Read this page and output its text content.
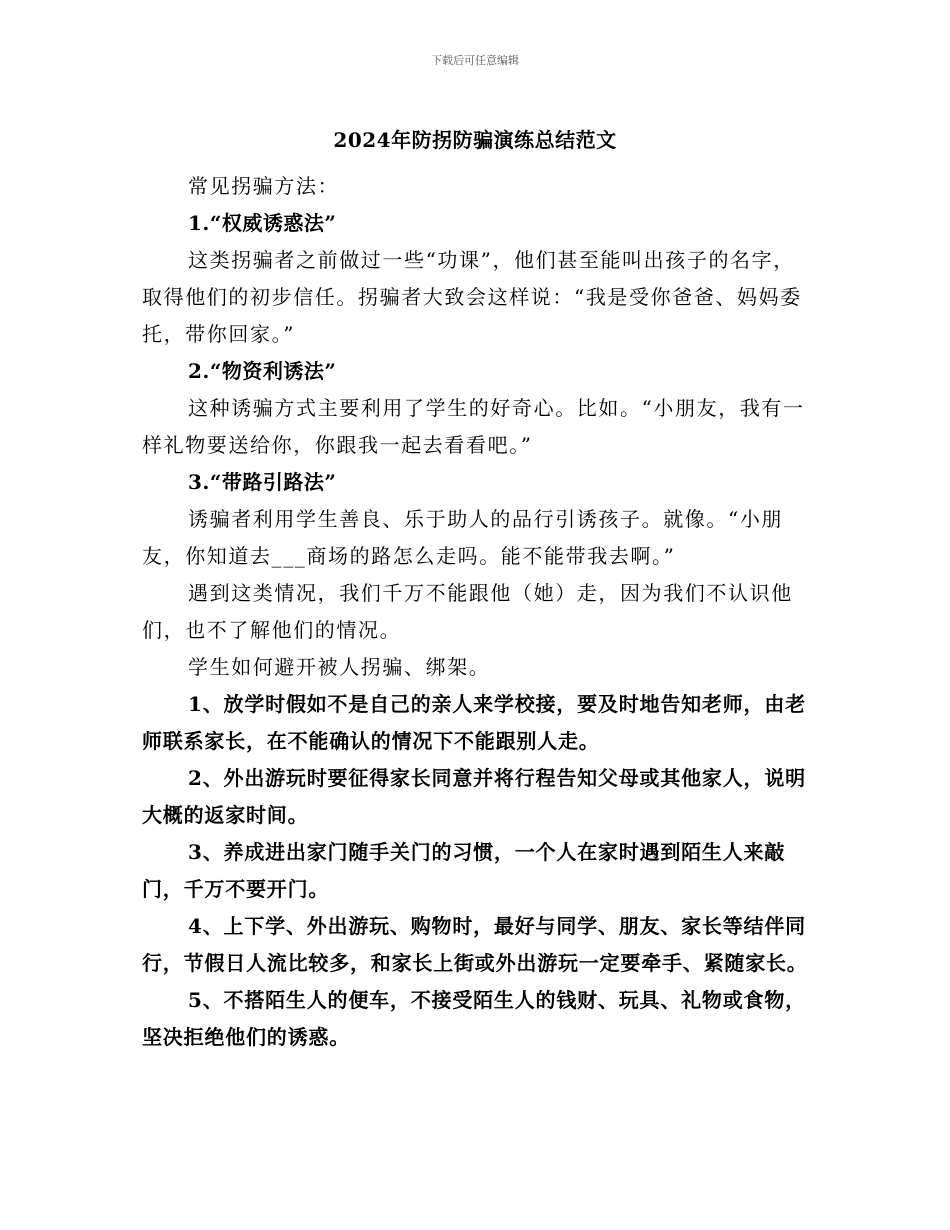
下载后可任意编辑
2024年防拐防骗演练总结范文

常见拐骗方法：

1.“权威诱惑法”

这类拐骗者之前做过一些“功课”，他们甚至能叫出孩子的名字，取得他们的初步信任。拐骗者大致会这样说：“我是受你爸爸、妈妈委托，带你回家。”

2.“物资利诱法”

这种诱骗方式主要利用了学生的好奇心。比如。“小朋友，我有一样礼物要送给你，你跟我一起去看看吧。”

3.“带路引路法”

诱骗者利用学生善良、乐于助人的品行引诱孩子。就像。“小朋友，你知道去___商场的路怎么走吗。能不能带我去啊。”

遇到这类情况，我们千万不能跟他（她）走，因为我们不认识他们，也不了解他们的情况。

学生如何避开被人拐骗、绑架。

1、放学时假如不是自己的亲人来学校接，要及时地告知老师，由老师联系家长，在不能确认的情况下不能跟别人走。

2、外出游玩时要征得家长同意并将行程告知父母或其他家人，说明大概的返家时间。

3、养成进出家门随手关门的习惯，一个人在家时遇到陌生人来敲门，千万不要开门。

4、上下学、外出游玩、购物时，最好与同学、朋友、家长等结伴同行，节假日人流比较多，和家长上街或外出游玩一定要牵手、紧随家长。

5、不搭陌生人的便车，不接受陌生人的钱财、玩具、礼物或食物，坚决拒绝他们的诱惑。
